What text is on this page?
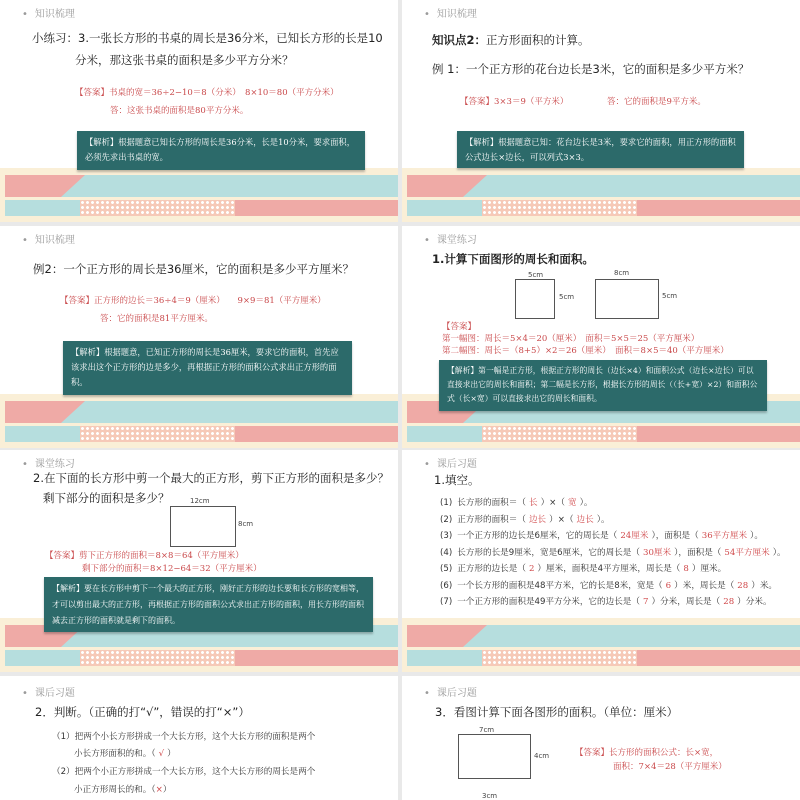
• 知识梳理
小练习：3.一张长方形的书桌的周长是36分米，已知长方形的长是10
分米，那这张书桌的面积是多少平方分米？
【答案】书桌的宽＝36÷2−10＝8（分米）　8×10＝80（平方分米）
答：这张书桌的面积是80平方分米。
【解析】根据题意已知长方形的周长是36分米，长是10分米，要求面积，必须先求出书桌的宽。
• 知识梳理
知识点2：正方形面积的计算。
例 1：一个正方形的花台边长是3米，它的面积是多少平方米？
【答案】3×3＝9（平方米）	答：它的面积是9平方米。
【解析】根据题意已知：花台边长是3米，要求它的面积，用正方形的面积公式边长×边长，可以列式3×3。
• 知识梳理
例2：一个正方形的周长是36厘米，它的面积是多少平方厘米？
【答案】正方形的边长＝36÷4＝9（厘米）　　9×9＝81（平方厘米）
答：它的面积是81平方厘米。
【解析】根据题意，已知正方形的周长是36厘米，要求它的面积，首先应该求出这个正方形的边是多少，再根据正方形的面积公式求出正方形的面积。
• 课堂练习
1.计算下面图形的周长和面积。
5cm
5cm
8cm
5cm
【答案】
第一幅图：周长＝5×4＝20（厘米）　面积＝5×5＝25（平方厘米）
第二幅图：周长＝（8+5）×2＝26（厘米）　面积＝8×5＝40（平方厘米）
【解析】第一幅是正方形，根据正方形的周长（边长×4）和面积公式（边长×边长）可以直接求出它的周长和面积；第二幅是长方形，根据长方形的周长（（长+宽）×2）和面积公式（长×宽）可以直接求出它的周长和面积。
• 课堂练习
2.在下面的长方形中剪一个最大的正方形，剪下正方形的面积是多少？
剩下部分的面积是多少？	12cm
8cm
【答案】剪下正方形的面积＝8×8＝64（平方厘米）
剩下部分的面积＝8×12−64＝32（平方厘米）
【解析】要在长方形中剪下一个最大的正方形，刚好正方形的边长要和长方形的宽相等，才可以剪出最大的正方形，再根据正方形的面积公式求出正方形的面积，用长方形的面积减去正方形的面积就是剩下的面积。
• 课后习题
1.填空。
(1) 长方形的面积＝（ 长 ）×（ 宽 ）。
(2) 正方形的面积＝（ 边长 ）×（ 边长 ）。
(3) 一个正方形的边长是6厘米，它的周长是（ 24厘米 ），面积是（ 36平方厘米 ）。
(4) 长方形的长是9厘米，宽是6厘米，它的周长是（ 30厘米 ），面积是（ 54平方厘米 ）。
(5) 正方形的边长是（ 2 ）厘米，面积是4平方厘米，周长是（ 8 ）厘米。
(6) 一个长方形的面积是48平方米，它的长是8米，宽是（ 6 ）米，周长是（ 28 ）米。
(7) 一个正方形的面积是49平方分米，它的边长是（ 7 ）分米，周长是（ 28 ）分米。
• 课后习题
2．判断。（正确的打“√”，错误的打“×”）
（1）把两个小长方形拼成一个大长方形，这个大长方形的面积是两个
小长方形面积的和。（ √ ）
（2）把两个小正方形拼成一个大长方形，这个大长方形的周长是两个
小正方形周长的和。（×）
• 课后习题
3．看图计算下面各图形的面积。（单位：厘米）
7cm
4cm	【答案】长方形的面积公式：长×宽，
面积：7×4＝28（平方厘米）
3cm
